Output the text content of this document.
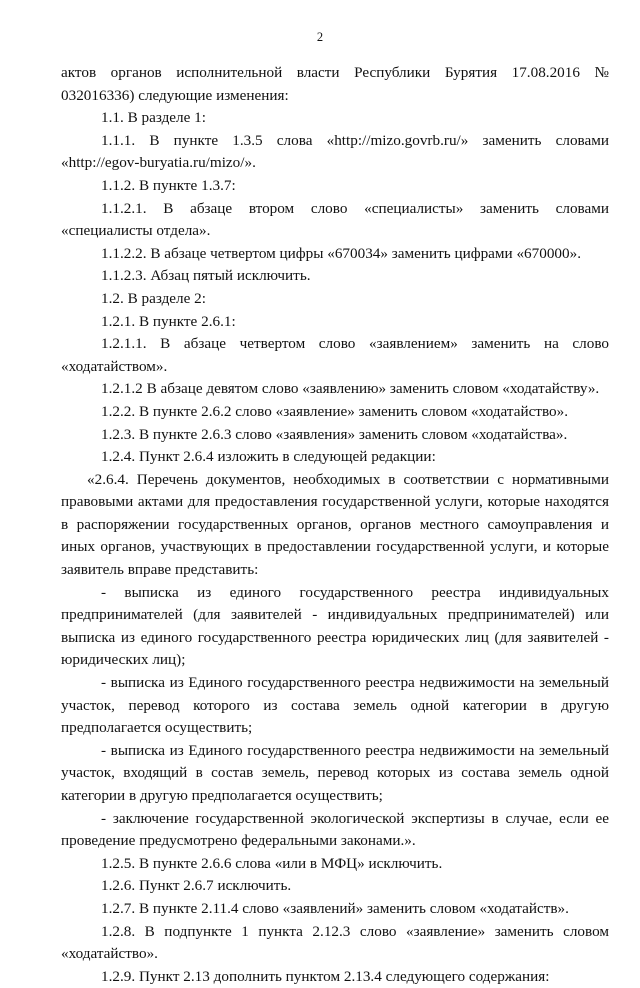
2

актов органов исполнительной власти Республики Бурятия 17.08.2016 №

032016336) следующие изменения:

1.1. В разделе 1:

1.1.1. В пункте 1.3.5 слова «http://mizo.govrb.ru/» заменить словами

«http://egov-buryatia.ru/mizo/».

1.1.2. В пункте 1.3.7:

1.1.2.1. В абзаце втором слово «специалисты» заменить словами

«специалисты отдела».

1.1.2.2. В абзаце четвертом цифры «670034» заменить цифрами «670000».

1.1.2.3. Абзац пятый исключить.

1.2. В разделе 2:

1.2.1. В пункте 2.6.1:

1.2.1.1. В абзаце четвертом слово «заявлением» заменить на слово

«ходатайством».

1.2.1.2 В абзаце девятом слово «заявлению» заменить словом «ходатайству».

1.2.2. В пункте 2.6.2 слово «заявление» заменить словом «ходатайство».

1.2.3. В пункте 2.6.3 слово «заявления» заменить словом «ходатайства».

1.2.4. Пункт 2.6.4 изложить в следующей редакции:

«2.6.4. Перечень документов, необходимых в соответствии с нормативными

правовыми актами для предоставления государственной услуги, которые находятся

в распоряжении государственных органов, органов местного самоуправления и

иных органов, участвующих в предоставлении государственной услуги, и которые

заявитель вправе представить:

- выписка из единого государственного реестра индивидуальных

предпринимателей (для заявителей - индивидуальных предпринимателей) или

выписка из единого государственного реестра юридических лиц (для заявителей -

юридических лиц);

- выписка из Единого государственного реестра недвижимости на земельный

участок, перевод которого из состава земель одной категории в другую

предполагается осуществить;

- выписка из Единого государственного реестра недвижимости на земельный

участок, входящий в состав земель, перевод которых из состава земель одной

категории в другую предполагается осуществить;

- заключение государственной экологической экспертизы в случае, если ее

проведение предусмотрено федеральными законами.».

1.2.5. В пункте 2.6.6 слова «или в МФЦ» исключить.

1.2.6. Пункт 2.6.7 исключить.

1.2.7. В пункте 2.11.4 слово «заявлений» заменить словом «ходатайств».

1.2.8. В подпункте 1 пункта 2.12.3 слово «заявление» заменить словом

«ходатайство».

1.2.9. Пункт 2.13 дополнить пунктом 2.13.4 следующего содержания:
